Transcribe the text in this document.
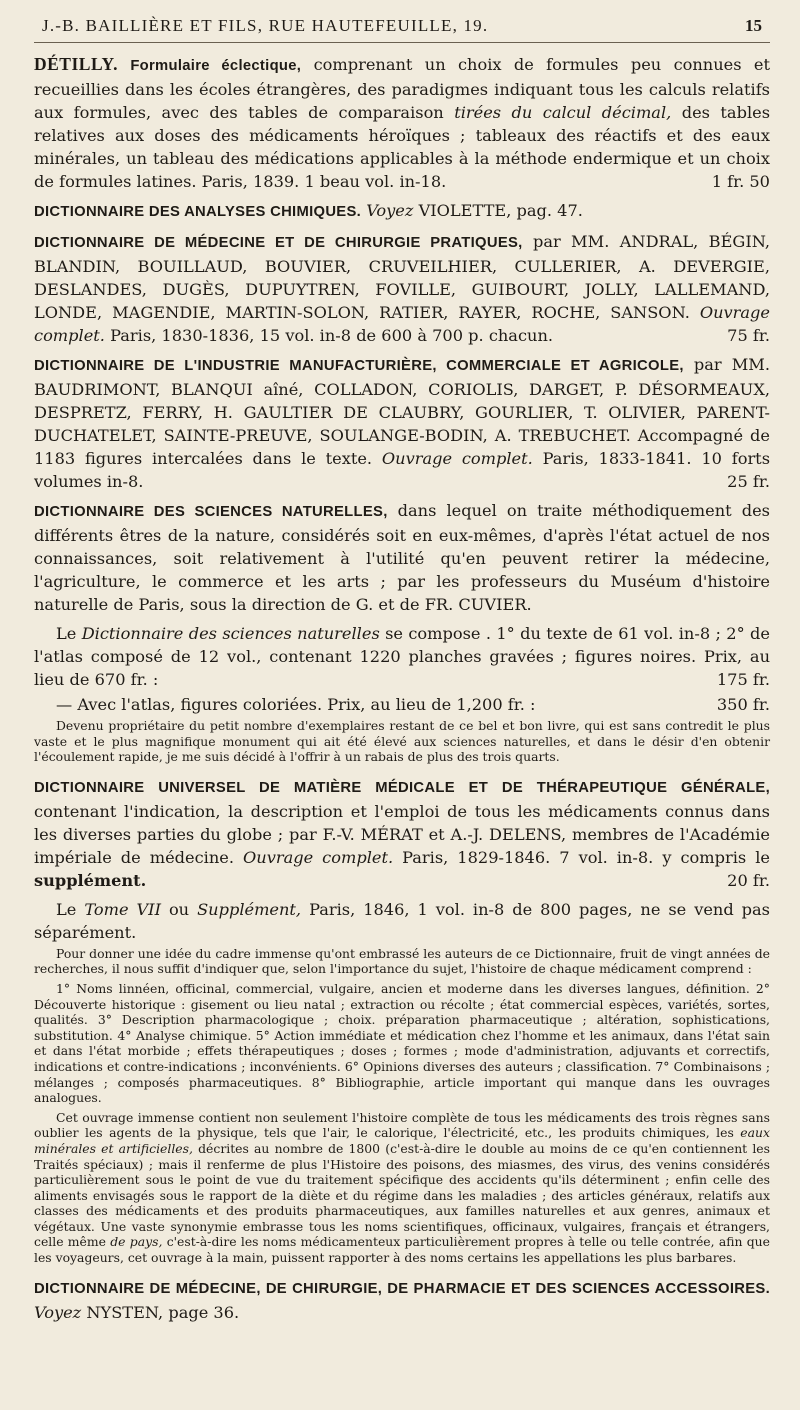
J.-B. BAILLIÈRE ET FILS, RUE HAUTEFEUILLE, 19.	15

DÉTILLY. Formulaire éclectique, comprenant un choix de formules peu connues et recueillies dans les écoles étrangères, des paradigmes indiquant tous les calculs relatifs aux formules, avec des tables de comparaison tirées du calcul décimal, des tables relatives aux doses des médicaments héroïques ; tableaux des réactifs et des eaux minérales, un tableau des médications applicables à la méthode endermique et un choix de formules latines. Paris, 1839. 1 beau vol. in-18.	1 fr. 50

DICTIONNAIRE DES ANALYSES CHIMIQUES. Voyez VIOLETTE, pag. 47.

DICTIONNAIRE DE MÉDECINE ET DE CHIRURGIE PRATIQUES, par MM. ANDRAL, BÉGIN, BLANDIN, BOUILLAUD, BOUVIER, CRUVEILHIER, CULLERIER, A. DEVERGIE, DESLANDES, DUGÈS, DUPUYTREN, FOVILLE, GUIBOURT, JOLLY, LALLEMAND, LONDE, MAGENDIE, MARTIN-SOLON, RATIER, RAYER, ROCHE, SANSON. Ouvrage complet. Paris, 1830-1836, 15 vol. in-8 de 600 à 700 p. chacun.	75 fr.

DICTIONNAIRE DE L'INDUSTRIE MANUFACTURIÈRE, COMMERCIALE ET AGRICOLE, par MM. BAUDRIMONT, BLANQUI aîné, COLLADON, CORIOLIS, DARGET, P. DÉSORMEAUX, DESPRETZ, FERRY, H. GAULTIER DE CLAUBRY, GOURLIER, T. OLIVIER, PARENT-DUCHATELET, SAINTE-PREUVE, SOULANGE-BODIN, A. TREBUCHET. Accompagné de 1183 figures intercalées dans le texte. Ouvrage complet. Paris, 1833-1841. 10 forts volumes in-8.	25 fr.

DICTIONNAIRE DES SCIENCES NATURELLES, dans lequel on traite méthodiquement des différents êtres de la nature, considérés soit en eux-mêmes, d'après l'état actuel de nos connaissances, soit relativement à l'utilité qu'en peuvent retirer la médecine, l'agriculture, le commerce et les arts ; par les professeurs du Muséum d'histoire naturelle de Paris, sous la direction de G. et de FR. CUVIER.

Le Dictionnaire des sciences naturelles se compose . 1° du texte de 61 vol. in-8 ; 2° de l'atlas composé de 12 vol., contenant 1220 planches gravées ; figures noires. Prix, au lieu de 670 fr. :	175 fr.

— Avec l'atlas, figures coloriées. Prix, au lieu de 1,200 fr. :	350 fr.

Devenu propriétaire du petit nombre d'exemplaires restant de ce bel et bon livre, qui est sans contredit le plus vaste et le plus magnifique monument qui ait été élevé aux sciences naturelles, et dans le désir d'en obtenir l'écoulement rapide, je me suis décidé à l'offrir à un rabais de plus des trois quarts.

DICTIONNAIRE UNIVERSEL DE MATIÈRE MÉDICALE ET DE THÉRAPEUTIQUE GÉNÉRALE, contenant l'indication, la description et l'emploi de tous les médicaments connus dans les diverses parties du globe ; par F.-V. MÉRAT et A.-J. DELENS, membres de l'Académie impériale de médecine. Ouvrage complet. Paris, 1829-1846. 7 vol. in-8. y compris le supplément.	20 fr.

Le Tome VII ou Supplément, Paris, 1846, 1 vol. in-8 de 800 pages, ne se vend pas séparément.

Pour donner une idée du cadre immense qu'ont embrassé les auteurs de ce Dictionnaire, fruit de vingt années de recherches, il nous suffit d'indiquer que, selon l'importance du sujet, l'histoire de chaque médicament comprend :

1° Noms linnéen, officinal, commercial, vulgaire, ancien et moderne dans les diverses langues, définition. 2° Découverte historique : gisement ou lieu natal ; extraction ou récolte ; état commercial espèces, variétés, sortes, qualités. 3° Description pharmacologique ; choix. préparation pharmaceutique ; altération, sophistications, substitution. 4° Analyse chimique. 5° Action immédiate et médication chez l'homme et les animaux, dans l'état sain et dans l'état morbide ; effets thérapeutiques ; doses ; formes ; mode d'administration, adjuvants et correctifs, indications et contre-indications ; inconvénients. 6° Opinions diverses des auteurs ; classification. 7° Combinaisons ; mélanges ; composés pharmaceutiques. 8° Bibliographie, article important qui manque dans les ouvrages analogues.

Cet ouvrage immense contient non seulement l'histoire complète de tous les médicaments des trois règnes sans oublier les agents de la physique, tels que l'air, le calorique, l'électricité, etc., les produits chimiques, les eaux minérales et artificielles, décrites au nombre de 1800 (c'est-à-dire le double au moins de ce qu'en contiennent les Traités spéciaux) ; mais il renferme de plus l'Histoire des poisons, des miasmes, des virus, des venins considérés particulièrement sous le point de vue du traitement spécifique des accidents qu'ils déterminent ; enfin celle des aliments envisagés sous le rapport de la diète et du régime dans les maladies ; des articles généraux, relatifs aux classes des médicaments et des produits pharmaceutiques, aux familles naturelles et aux genres, animaux et végétaux. Une vaste synonymie embrasse tous les noms scientifiques, officinaux, vulgaires, français et étrangers, celle même de pays, c'est-à-dire les noms médicamenteux particulièrement propres à telle ou telle contrée, afin que les voyageurs, cet ouvrage à la main, puissent rapporter à des noms certains les appellations les plus barbares.

DICTIONNAIRE DE MÉDECINE, DE CHIRURGIE, DE PHARMACIE ET DES SCIENCES ACCESSOIRES. Voyez NYSTEN, page 36.
